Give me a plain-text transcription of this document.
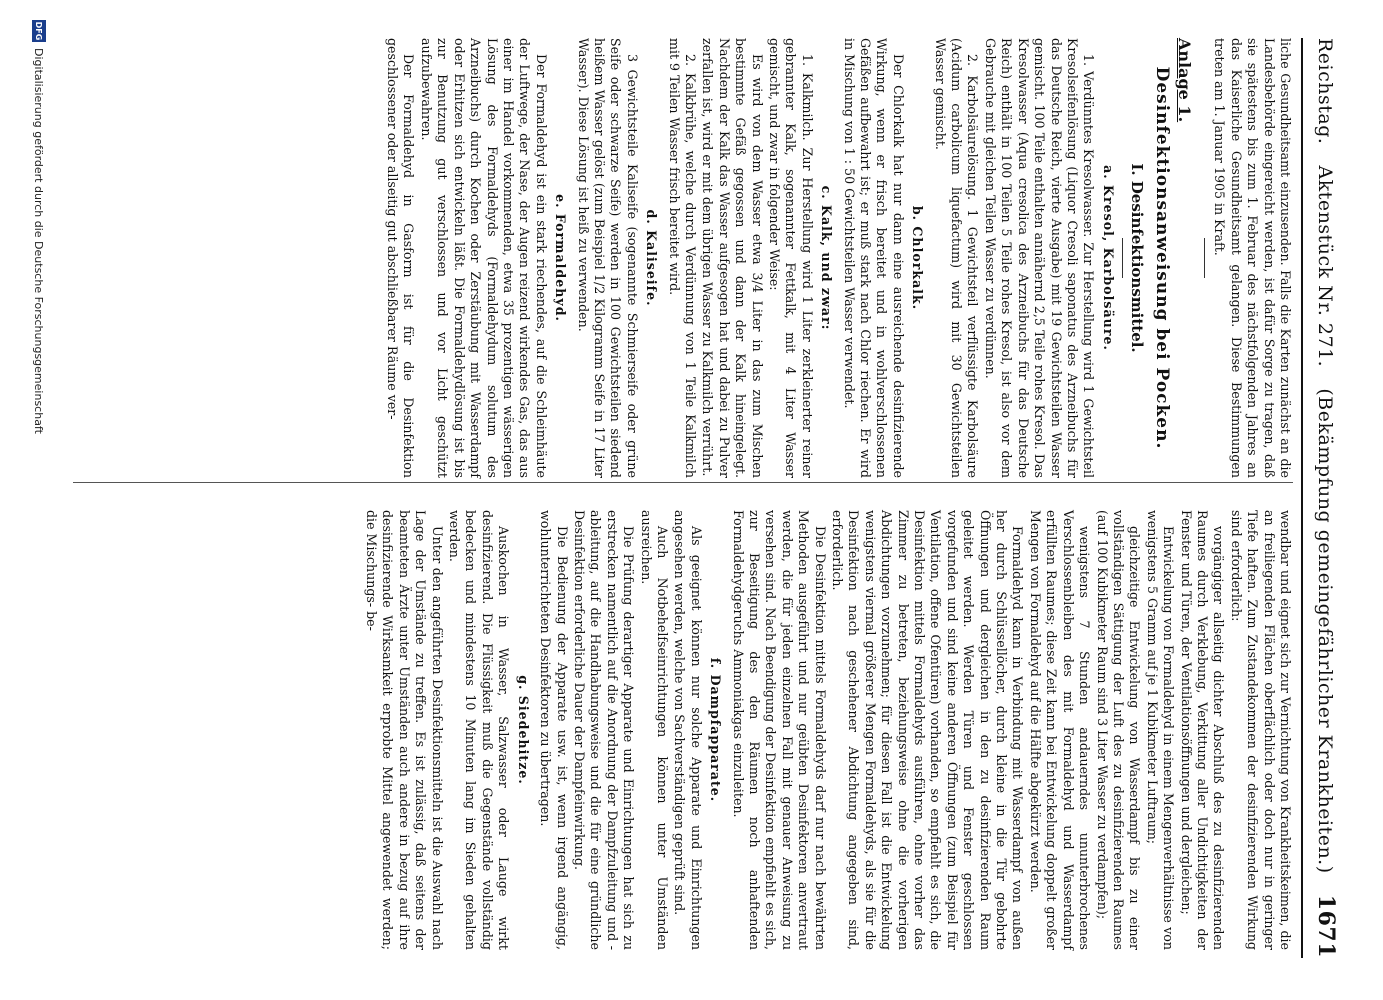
Reichstag.
Aktenstück Nr. 271.
(Bekämpfung gemeingefährlicher Krankheiten.)
1671

liche Gesundheitsamt einzusenden. Falls die Karten zunächst an die Landesbehörde eingereicht werden, ist dafür Sorge zu tragen, daß sie spätestens bis zum 1. Februar des nächstfolgenden Jahres an das Kaiserliche Gesundheitsamt gelangen. Diese Bestimmungen treten am 1. Januar 1905 in Kraft.

Anlage 1.

Desinfektionsanweisung bei Pocken.

I. Desinfektionsmittel.

a. Kresol, Karbolsäure.

1. Verdünntes Kresolwasser. Zur Herstellung wird 1 Gewichtsteil Kresolseifenlösung (Liquor Cresoli saponatus des Arzneibuchs für das Deutsche Reich, vierte Ausgabe) mit 19 Gewichtsteilen Wasser gemischt. 100 Teile enthalten annähernd 2,5 Teile rohes Kresol. Das Kresolwasser (Aqua cresolica des Arzneibuchs für das Deutsche Reich) enthält in 100 Teilen 5 Teile rohes Kresol, ist also vor dem Gebrauche mit gleichen Teilen Wasser zu verdünnen.

2. Karbolsäurelösung. 1 Gewichtsteil verflüssigte Karbolsäure (Acidum carbolicum liquefactum) wird mit 30 Gewichtsteilen Wasser gemischt.

b. Chlorkalk.

Der Chlorkalk hat nur dann eine ausreichende desinfizierende Wirkung, wenn er frisch bereitet und in wohlverschlossenen Gefäßen aufbewahrt ist; er muß stark nach Chlor riechen. Er wird in Mischung von 1 : 50 Gewichtsteilen Wasser verwendet.

c. Kalk, und zwar:

1. Kalkmilch. Zur Herstellung wird 1 Liter zerkleinerter reiner gebrannter Kalk, sogenannter Fettkalk, mit 4 Liter Wasser gemischt, und zwar in folgender Weise:

Es wird von dem Wasser etwa 3/4 Liter in das zum Mischen bestimmte Gefäß gegossen und dann der Kalk hineingelegt. Nachdem der Kalk das Wasser aufgesogen hat und dabei zu Pulver zerfallen ist, wird er mit dem übrigen Wasser zu Kalkmilch verrührt.

2. Kalkbrühe, welche durch Verdünnung von 1 Teile Kalkmilch mit 9 Teilen Wasser frisch bereitet wird.

d. Kaliseife.

3 Gewichtsteile Kaliseife (sogenannte Schmierseife oder grüne Seife oder schwarze Seife) werden in 100 Gewichtsteilen siedend heißem Wasser gelöst (zum Beispiel 1/2 Kilogramm Seife in 17 Liter Wasser). Diese Lösung ist heiß zu verwenden.

e. Formaldehyd.

Der Formaldehyd ist ein stark riechendes, auf die Schleimhäute der Luftwege, der Nase, der Augen reizend wirkendes Gas, das aus einer im Handel vorkommenden, etwa 35 prozentigen wässerigen Lösung des Formaldehyds (Formaldehydum solutum des Arzneibuchs) durch Kochen oder Zerstäubung mit Wasserdampf oder Erhitzen sich entwickeln läßt. Die Formaldehydlösung ist bis zur Benutzung gut verschlossen und vor Licht geschützt aufzubewahren.

Der Formaldehyd in Gasform ist für die Desinfektion geschlossener oder allseitig gut abschließbarer Räume ver-

wendbar und eignet sich zur Vernichtung von Krankheitskeimen, die an freiliegenden Flächen oberflächlich oder doch nur in geringer Tiefe haften. Zum Zustandekommen der desinfizierenden Wirkung sind erforderlich:

vorgängiger allseitig dichter Abschluß des zu desinfizierenden Raumes durch Verklebung, Verkittung aller Undichtigkeiten der Fenster und Türen, der Ventilationsöffnungen und dergleichen;

Entwickelung von Formaldehyd in einem Mengenverhältnisse von wenigstens 5 Gramm auf je 1 Kubikmeter Luftraum;

gleichzeitige Entwickelung von Wasserdampf bis zu einer vollständigen Sättigung der Luft des zu desinfizierenden Raumes (auf 100 Kubikmeter Raum sind 3 Liter Wasser zu verdampfen);

wenigstens 7 Stunden andauerndes ununterbrochenes Verschlossenbleiben des mit Formaldehyd und Wasserdampf erfüllten Raumes; diese Zeit kann bei Entwickelung doppelt großer Mengen von Formaldehyd auf die Hälfte abgekürzt werden.

Formaldehyd kann in Verbindung mit Wasserdampf von außen her durch Schlüssellöcher, durch kleine in die Tür gebohrte Öffnungen und dergleichen in den zu desinfizierenden Raum geleitet werden. Werden Türen und Fenster geschlossen vorgefunden und sind keine anderen Öffnungen (zum Beispiel für Ventilation, offene Ofentüren) vorhanden, so empfiehlt es sich, die Desinfektion mittels Formaldehyds ausführen, ohne vorher das Zimmer zu betreten, beziehungsweise ohne die vorherigen Abdichtungen vorzunehmen; für diesen Fall ist die Entwickelung wenigstens viermal größerer Mengen Formaldehyds, als sie für die Desinfektion nach geschehener Abdichtung angegeben sind, erforderlich.

Die Desinfektion mittels Formaldehyds darf nur nach bewährten Methoden ausgeführt und nur geübten Desinfektoren anvertraut werden, die für jeden einzelnen Fall mit genauer Anweisung zu versehen sind. Nach Beendigung der Desinfektion empfiehlt es sich, zur Beseitigung des den Räumen noch anhaftenden Formaldehydgeruchs Ammoniakgas einzuleiten.

f. Dampfapparate.

Als geeignet können nur solche Apparate und Einrichtungen angesehen werden, welche von Sachverständigen geprüft sind.

Auch Notbehelfseinrichtungen können unter Umständen ausreichen.

Die Prüfung derartiger Apparate und Einrichtungen hat sich zu erstrecken namentlich auf die Anordnung der Dampfzuleitung und -ableitung, auf die Handhabungsweise und die für eine gründliche Desinfektion erforderliche Dauer der Dampfeinwirkung.

Die Bedienung der Apparate usw. ist, wenn irgend angängig, wohlunterrichteten Desinfektoren zu übertragen.

g. Siedehitze.

Auskochen in Wasser, Salzwasser oder Lauge wirkt desinfizierend. Die Flüssigkeit muß die Gegenstände vollständig bedecken und mindestens 10 Minuten lang im Sieden gehalten werden.

Unter den angeführten Desinfektionsmitteln ist die Auswahl nach Lage der Umstände zu treffen. Es ist zulässig, daß seitens der beamteten Ärzte unter Umständen auch andere in bezug auf ihre desinfizierende Wirksamkeit erprobte Mittel angewendet werden; die Mischungs- be-

DFG
Digitalisierung gefördert durch die Deutsche Forschungsgemeinschaft
